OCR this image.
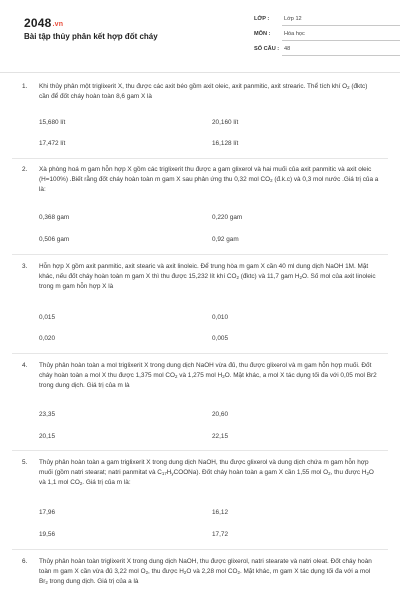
2048.vn
Bài tập thủy phân kết hợp đốt cháy
LỚP :	Lớp 12
MÔN : Hóa học
SỐ CÂU : 48
1. Khi thủy phân một triglixerit X, thu được các axit béo gồm axit oleic, axit panmitic, axit strearic. Thể tích khí $O_2$ (đktc) cần để đốt cháy hoàn toàn 8,6 gam X là
15,680 lít	20,160 lít
17,472 lít	16,128 lít
2. Xà phòng hoá m gam hỗn hợp X gồm các triglixerit thu được a gam glixerol và hai muối của axit panmitic và axit oleic (H=100%) .Biết rằng đốt cháy hoàn toàn m gam X sau phản ứng thu 0,32 mol $CO_2$ (đ.k.c) và 0,3 mol nước .Giá trị của a là:
0,368 gam	0,220 gam
0,506 gam	0,92 gam
3. Hỗn hợp X gồm axit panmitic, axit stearic và axit linoleic. Để trung hòa m gam X cần 40 ml dung dịch NaOH 1M. Mặt khác, nếu đốt cháy hoàn toàn m gam X thì thu được 15,232 lít khí $CO_2$ (đktc) và 11,7 gam $H_2O$. Số mol của axit linoleic trong m gam hỗn hợp X là
0,015	0,010
0,020	0,005
4. Thủy phân hoàn toàn a mol triglixerit X trong dung dịch NaOH vừa đủ, thu được glixerol và m gam hỗn hợp muối. Đốt cháy hoàn toàn a mol X thu được 1,375 mol $CO_2$ và 1,275 mol $H_2O$. Mặt khác, a mol X tác dụng tối đa với 0,05 mol Br2 trong dung dịch. Giá trị của m là
23,35	20,60
20,15	22,15
5. Thủy phân hoàn toàn a gam triglixerit X trong dung dịch NaOH, thu được glixerol và dung dịch chứa m gam hỗn hợp muối (gồm natri stearat; natri panmitat và $C_{17}H_yCOONa$). Đốt cháy hoàn toàn a gam X cần 1,55 mol $O_2$, thu được $H_2O$ và 1,1 mol $CO_2$. Giá trị của m là:
17,96	16,12
19,56	17,72
6. Thủy phân hoàn toàn triglixerit X trong dung dịch NaOH, thu được glixerol, natri stearate và natri oleat. Đốt cháy hoàn toàn m gam X cần vừa đủ 3,22 mol $O_2$, thu được $H_2O$ và 2,28 mol $CO_2$. Mặt khác, m gam X tác dụng tối đa với a mol $Br_2$ trong dung dịch. Giá trị của a là
